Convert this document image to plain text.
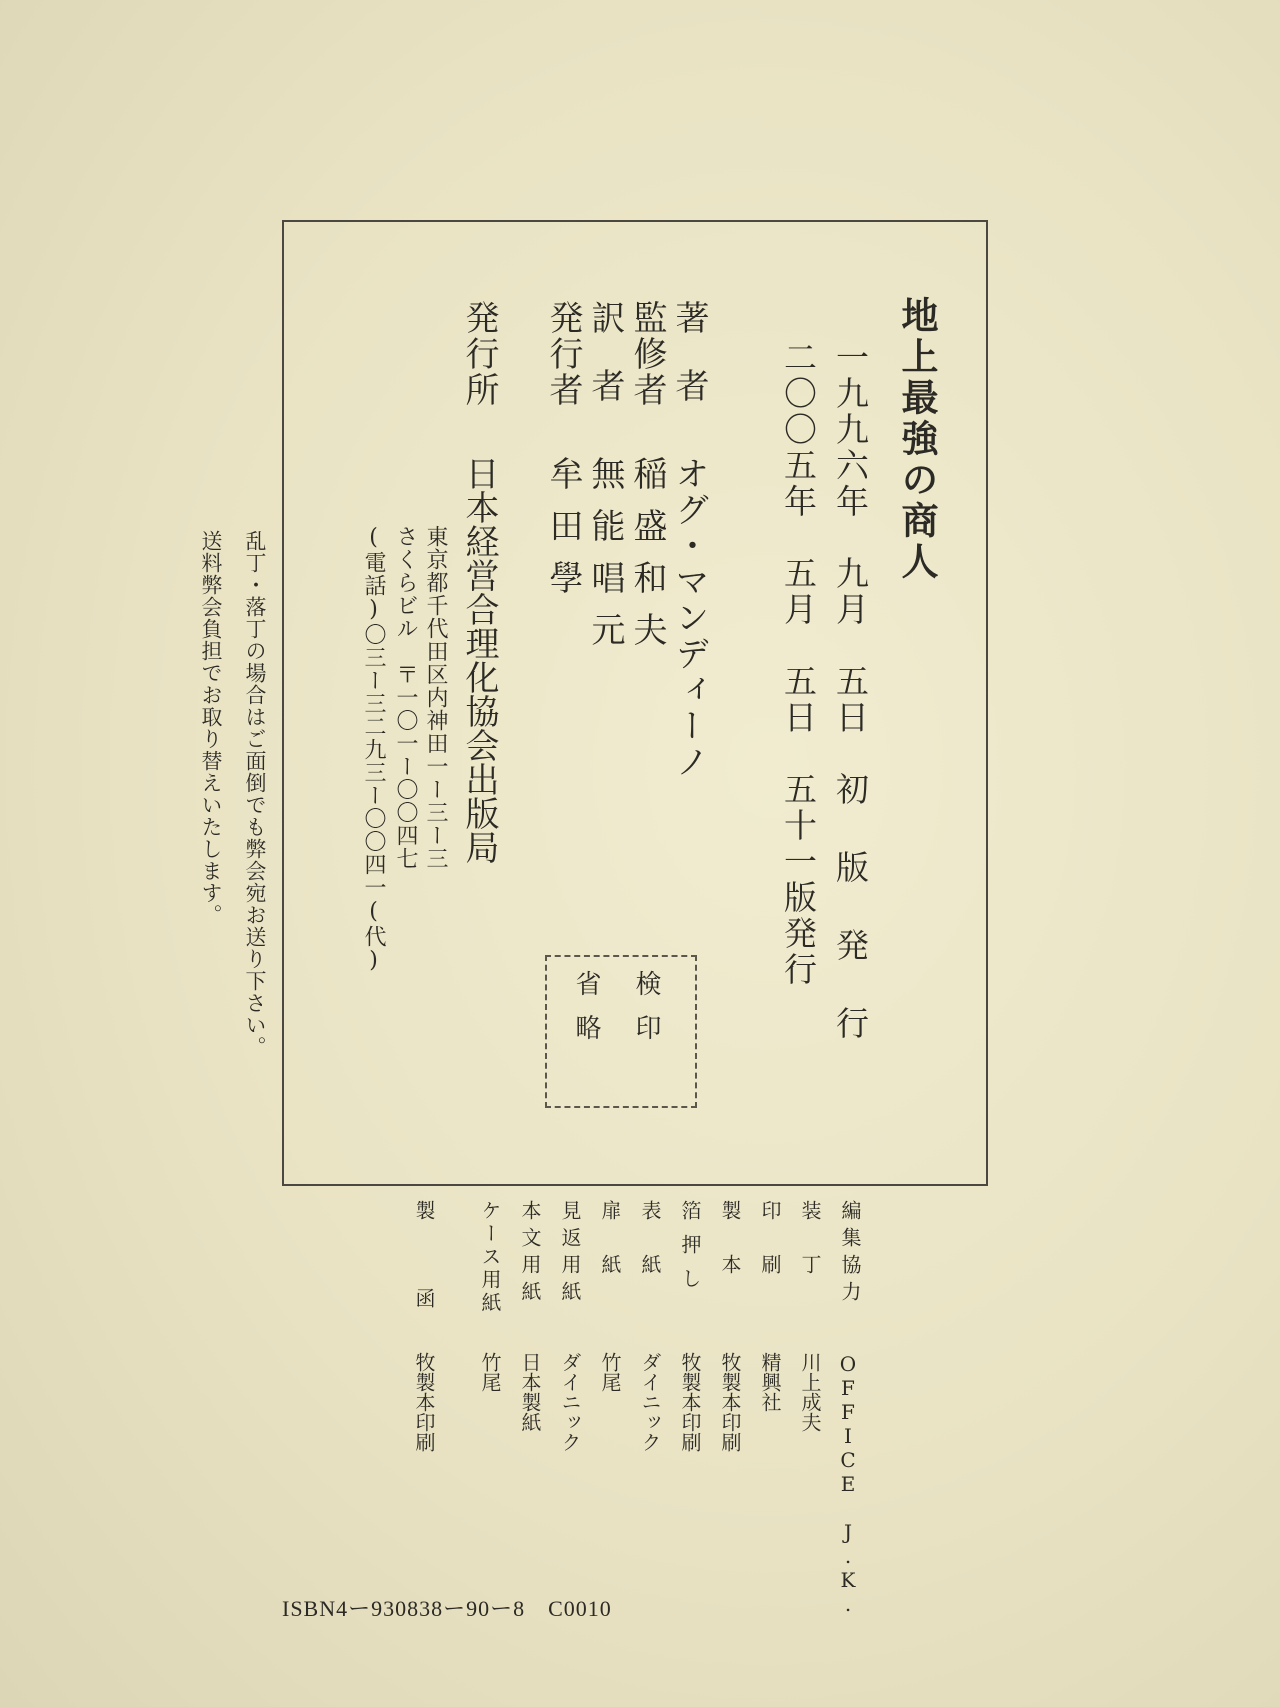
地上最強の商人

一九九六年　九月　五日　初 版 発 行

二〇〇五年　五月　五日　五十一版発行

著者

オグ・マンディーノ

監修者

稲盛和夫

訳者

無能唱元

発行者

牟田學

発行所

日本経営合理化協会出版局

東京都千代田区内神田一ー三ー三

さくらビル　〒一〇一ー〇〇四七

(電話)〇三ー三二九三ー〇〇四一(代)

検印

省略

乱丁・落丁の場合はご面倒でも弊会宛お送り下さい。

送料弊会負担でお取り替えいたします。

編集協力

OFFICE J.K.

装丁

川上成夫

印刷

精興社

製本

牧製本印刷

箔押し

牧製本印刷

表紙

ダイニック

扉紙

竹尾

見返用紙

ダイニック

本文用紙

日本製紙

ケース用紙

竹尾

製函

牧製本印刷

ISBN4ー930838ー90ー8　C0010
